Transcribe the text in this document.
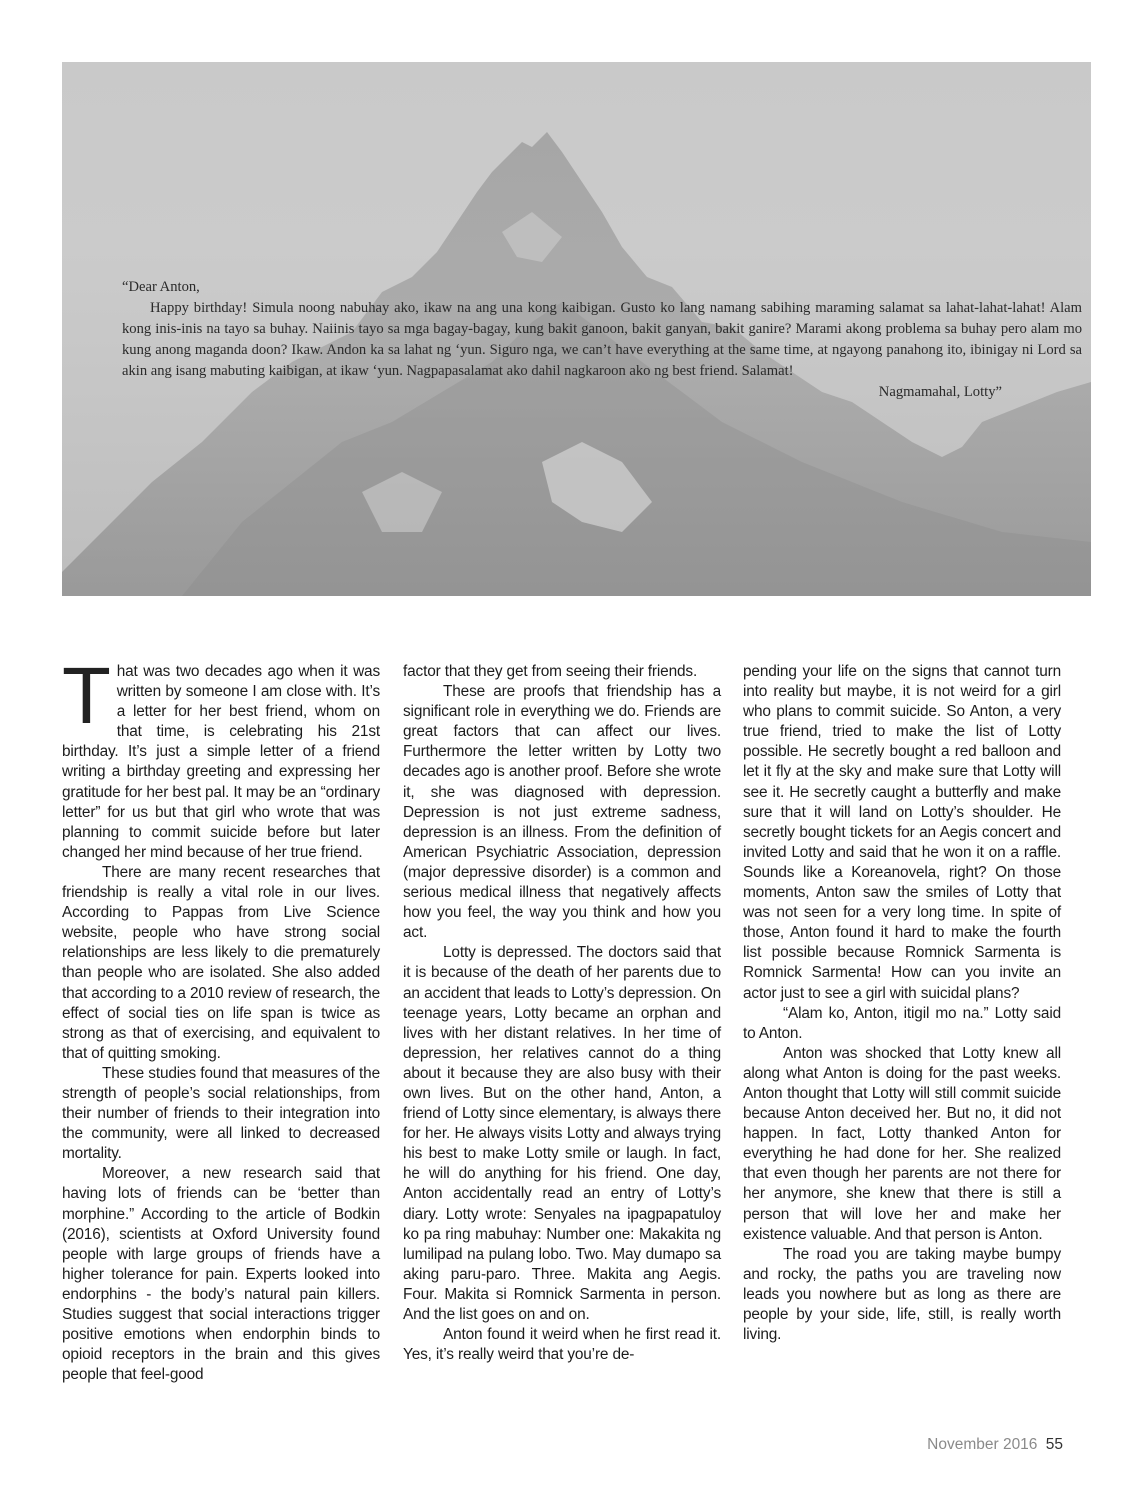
“Dear Anton,

Happy birthday! Simula noong nabuhay ako, ikaw na ang una kong kaibigan. Gusto ko lang namang sabihing maraming salamat sa lahat-lahat-lahat! Alam kong inis-inis na tayo sa buhay. Naiinis tayo sa mga bagay-bagay, kung bakit ganoon, bakit ganyan, bakit ganire? Marami akong problema sa buhay pero alam mo kung anong maganda doon? Ikaw. Andon ka sa lahat ng ‘yun. Siguro nga, we can’t have everything at the same time, at ngayong panahong ito, ibinigay ni Lord sa akin ang isang mabuting kaibigan, at ikaw ‘yun. Nagpapasalamat ako dahil nagkaroon ako ng best friend. Salamat!

Nagmamahal, Lotty”

That was two decades ago when it was written by someone I am close with. It’s a letter for her best friend, whom on that time, is celebrating his 21st birthday. It’s just a simple letter of a friend writing a birthday greeting and expressing her gratitude for her best pal. It may be an “ordinary letter” for us but that girl who wrote that was planning to commit suicide before but later changed her mind because of her true friend.

There are many recent researches that friendship is really a vital role in our lives. According to Pappas from Live Science website, people who have strong social relationships are less likely to die prematurely than people who are isolated. She also added that according to a 2010 review of research, the effect of social ties on life span is twice as strong as that of exercising, and equivalent to that of quitting smoking.

These studies found that measures of the strength of people’s social relationships, from their number of friends to their integration into the community, were all linked to decreased mortality.

Moreover, a new research said that having lots of friends can be ‘better than morphine.” According to the article of Bodkin (2016), scientists at Oxford University found people with large groups of friends have a higher tolerance for pain. Experts looked into endorphins - the body’s natural pain killers. Studies suggest that social interactions trigger positive emotions when endorphin binds to opioid receptors in the brain and this gives people that feel-good

factor that they get from seeing their friends.

These are proofs that friendship has a significant role in everything we do. Friends are great factors that can affect our lives. Furthermore the letter written by Lotty two decades ago is another proof. Before she wrote it, she was diagnosed with depression. Depression is not just extreme sadness, depression is an illness. From the definition of American Psychiatric Association, depression (major depressive disorder) is a common and serious medical illness that negatively affects how you feel, the way you think and how you act.

Lotty is depressed. The doctors said that it is because of the death of her parents due to an accident that leads to Lotty’s depression. On teenage years, Lotty became an orphan and lives with her distant relatives. In her time of depression, her relatives cannot do a thing about it because they are also busy with their own lives. But on the other hand, Anton, a friend of Lotty since elementary, is always there for her. He always visits Lotty and always trying his best to make Lotty smile or laugh. In fact, he will do anything for his friend. One day, Anton accidentally read an entry of Lotty’s diary. Lotty wrote: Senyales na ipagpapatuloy ko pa ring mabuhay: Number one: Makakita ng lumilipad na pulang lobo. Two. May dumapo sa aking paru-paro. Three. Makita ang Aegis. Four. Makita si Romnick Sarmenta in person. And the list goes on and on.

Anton found it weird when he first read it. Yes, it’s really weird that you’re de-

pending your life on the signs that cannot turn into reality but maybe, it is not weird for a girl who plans to commit suicide. So Anton, a very true friend, tried to make the list of Lotty possible. He secretly bought a red balloon and let it fly at the sky and make sure that Lotty will see it. He secretly caught a butterfly and make sure that it will land on Lotty’s shoulder. He secretly bought tickets for an Aegis concert and invited Lotty and said that he won it on a raffle. Sounds like a Koreanovela, right? On those moments, Anton saw the smiles of Lotty that was not seen for a very long time. In spite of those, Anton found it hard to make the fourth list possible because Romnick Sarmenta is Romnick Sarmenta! How can you invite an actor just to see a girl with suicidal plans?

“Alam ko, Anton, itigil mo na.” Lotty said to Anton.

Anton was shocked that Lotty knew all along what Anton is doing for the past weeks. Anton thought that Lotty will still commit suicide because Anton deceived her. But no, it did not happen. In fact, Lotty thanked Anton for everything he had done for her. She realized that even though her parents are not there for her anymore, she knew that there is still a person that will love her and make her existence valuable. And that person is Anton.

The road you are taking maybe bumpy and rocky, the paths you are traveling now leads you nowhere but as long as there are people by your side, life, still, is really worth living.

November 2016 55
